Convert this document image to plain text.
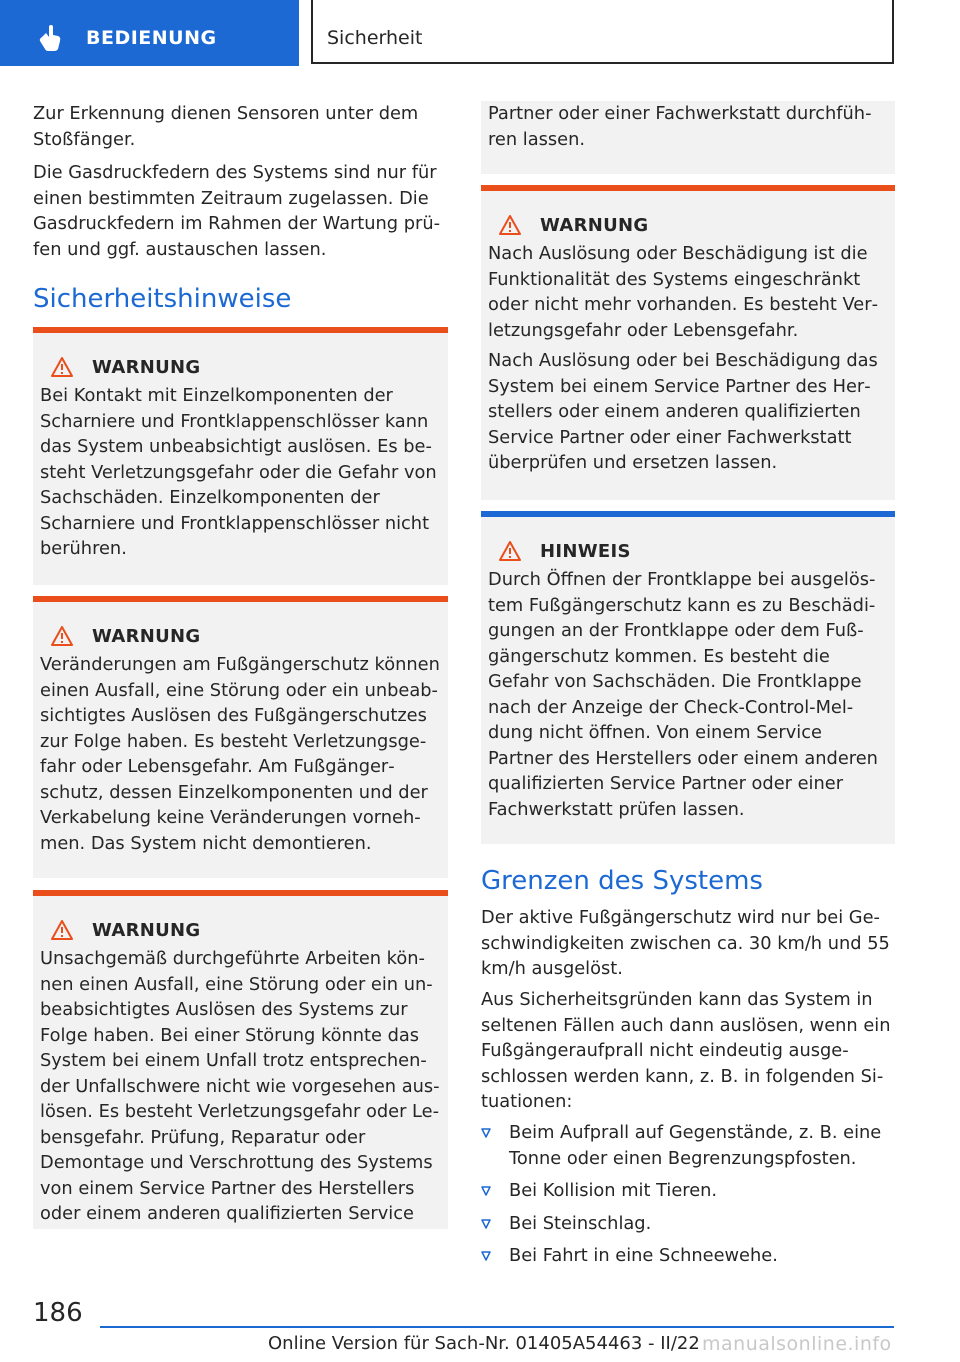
BEDIENUNG	Sicherheit

Zur Erkennung dienen Sensoren unter dem Stoßfänger.

Die Gasdruckfedern des Systems sind nur für einen bestimmten Zeitraum zugelassen. Die Gasdruckfedern im Rahmen der Wartung prüfen und ggf. austauschen lassen.

Sicherheitshinweise
WARNUNG

Bei Kontakt mit Einzelkomponenten der Scharniere und Frontklappenschlösser kann das System unbeabsichtigt auslösen. Es besteht Verletzungsgefahr oder die Gefahr von Sachschäden. Einzelkomponenten der Scharniere und Frontklappenschlösser nicht berühren.

WARNUNG

Veränderungen am Fußgängerschutz können einen Ausfall, eine Störung oder ein unbeabsichtigtes Auslösen des Fußgängerschutzes zur Folge haben. Es besteht Verletzungsgefahr oder Lebensgefahr. Am Fußgängerschutz, dessen Einzelkomponenten und der Verkabelung keine Veränderungen vornehmen. Das System nicht demontieren.

WARNUNG

Unsachgemäß durchgeführte Arbeiten können einen Ausfall, eine Störung oder ein unbeabsichtigtes Auslösen des Systems zur Folge haben. Bei einer Störung könnte das System bei einem Unfall trotz entsprechender Unfallschwere nicht wie vorgesehen auslösen. Es besteht Verletzungsgefahr oder Lebensgefahr. Prüfung, Reparatur oder Demontage und Verschrottung des Systems von einem Service Partner des Herstellers oder einem anderen qualifizierten Service

Partner oder einer Fachwerkstatt durchführen lassen.

WARNUNG

Nach Auslösung oder Beschädigung ist die Funktionalität des Systems eingeschränkt oder nicht mehr vorhanden. Es besteht Verletzungsgefahr oder Lebensgefahr.

Nach Auslösung oder bei Beschädigung das System bei einem Service Partner des Herstellers oder einem anderen qualifizierten Service Partner oder einer Fachwerkstatt überprüfen und ersetzen lassen.

HINWEIS

Durch Öffnen der Frontklappe bei ausgelöstem Fußgängerschutz kann es zu Beschädigungen an der Frontklappe oder dem Fußgängerschutz kommen. Es besteht die Gefahr von Sachschäden. Die Frontklappe nach der Anzeige der Check-Control-Meldung nicht öffnen. Von einem Service Partner des Herstellers oder einem anderen qualifizierten Service Partner oder einer Fachwerkstatt prüfen lassen.

Grenzen des Systems

Der aktive Fußgängerschutz wird nur bei Geschwindigkeiten zwischen ca. 30 km/h und 55 km/h ausgelöst.

Aus Sicherheitsgründen kann das System in seltenen Fällen auch dann auslösen, wenn ein Fußgängeraufprall nicht eindeutig ausgeschlossen werden kann, z. B. in folgenden Situationen:

Beim Aufprall auf Gegenstände, z. B. eine Tonne oder einen Begrenzungspfosten.
Bei Kollision mit Tieren.
Bei Steinschlag.
Bei Fahrt in eine Schneewehe.
186
Online Version für Sach-Nr. 01405A54463 - II/22 manualsonline.info
